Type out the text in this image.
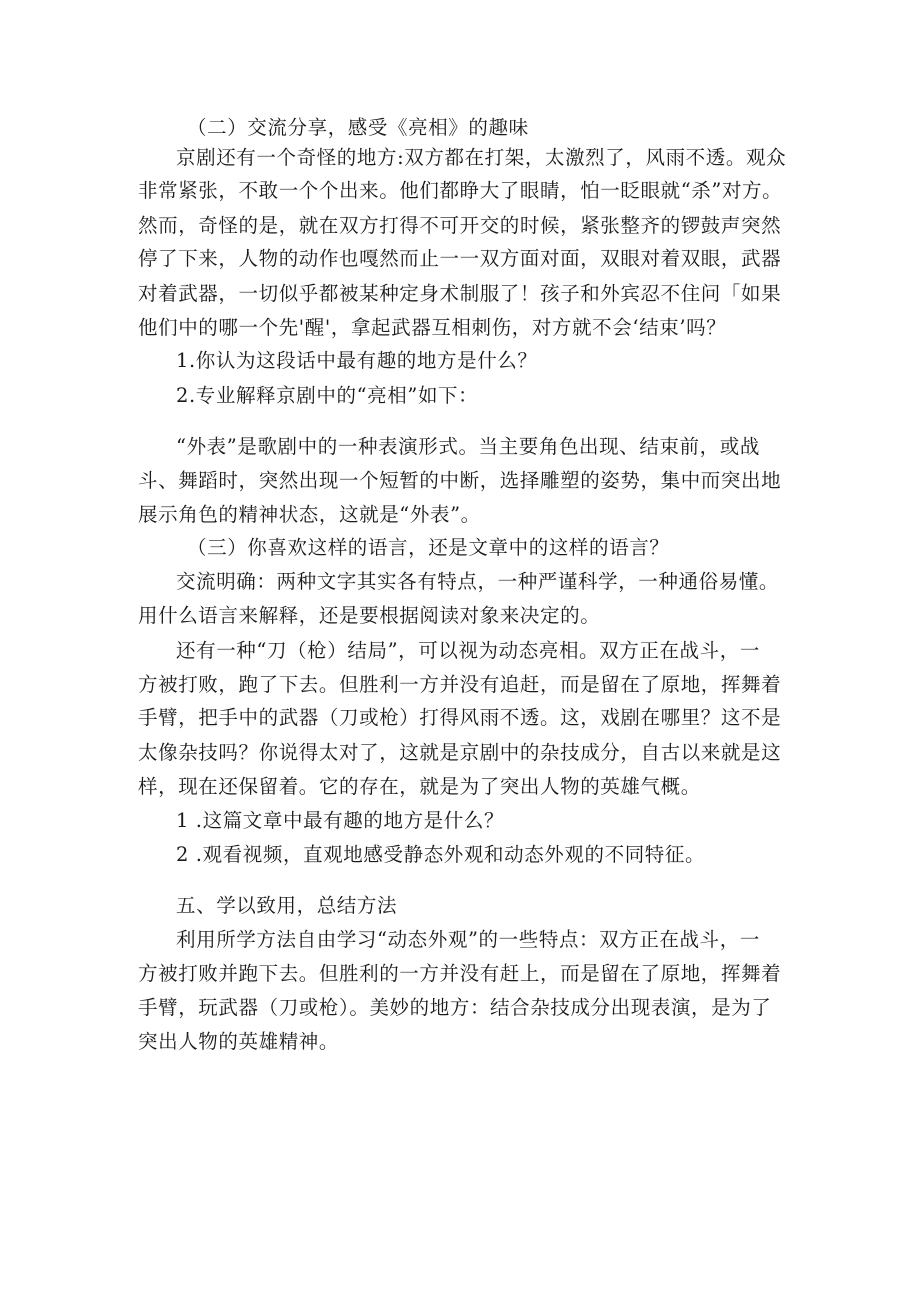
（二）交流分享，感受《亮相》的趣味
京剧还有一个奇怪的地方:双方都在打架，太激烈了，风雨不透。观众
非常紧张，不敢一个个出来。他们都睁大了眼睛，怕一眨眼就“杀”对方。
然而，奇怪的是，就在双方打得不可开交的时候，紧张整齐的锣鼓声突然
停了下来，人物的动作也嘎然而止一一双方面对面，双眼对着双眼，武器
对着武器，一切似乎都被某种定身术制服了！孩子和外宾忍不住问「如果
他们中的哪一个先'醒'，拿起武器互相刺伤，对方就不会‘结束’吗？
1.你认为这段话中最有趣的地方是什么？
2.专业解释京剧中的“亮相”如下：
“外表”是歌剧中的一种表演形式。当主要角色出现、结束前，或战
斗、舞蹈时，突然出现一个短暂的中断，选择雕塑的姿势，集中而突出地
展示角色的精神状态，这就是“外表”。
（三）你喜欢这样的语言，还是文章中的这样的语言？
交流明确：两种文字其实各有特点，一种严谨科学，一种通俗易懂。
用什么语言来解释，还是要根据阅读对象来决定的。
还有一种“刀（枪）结局”，可以视为动态亮相。双方正在战斗，一
方被打败，跑了下去。但胜利一方并没有追赶，而是留在了原地，挥舞着
手臂，把手中的武器（刀或枪）打得风雨不透。这，戏剧在哪里？这不是
太像杂技吗？你说得太对了，这就是京剧中的杂技成分，自古以来就是这
样，现在还保留着。它的存在，就是为了突出人物的英雄气概。
1 .这篇文章中最有趣的地方是什么？
2 .观看视频，直观地感受静态外观和动态外观的不同特征。
五、学以致用，总结方法
利用所学方法自由学习“动态外观”的一些特点：双方正在战斗，一
方被打败并跑下去。但胜利的一方并没有赶上，而是留在了原地，挥舞着
手臂，玩武器（刀或枪）。美妙的地方：结合杂技成分出现表演，是为了
突出人物的英雄精神。
